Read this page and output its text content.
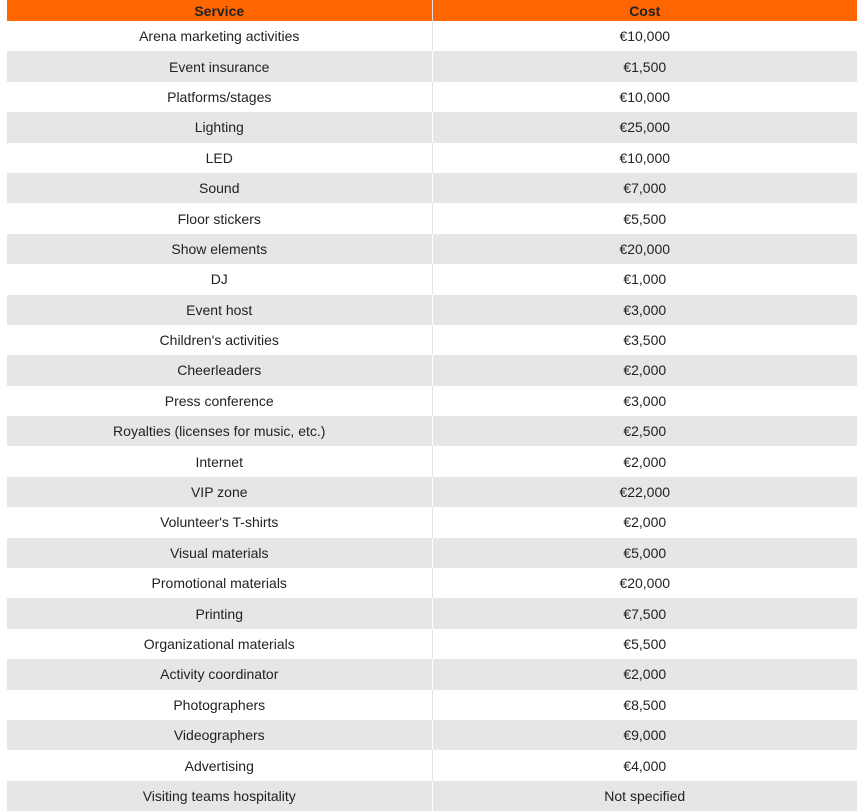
Service	Cost
Arena marketing activities	€10,000
Event insurance	€1,500
Platforms/stages	€10,000
Lighting	€25,000
LED	€10,000
Sound	€7,000
Floor stickers	€5,500
Show elements	€20,000
DJ	€1,000
Event host	€3,000
Children's activities	€3,500
Cheerleaders	€2,000
Press conference	€3,000
Royalties (licenses for music, etc.)	€2,500
Internet	€2,000
VIP zone	€22,000
Volunteer's T-shirts	€2,000
Visual materials	€5,000
Promotional materials	€20,000
Printing	€7,500
Organizational materials	€5,500
Activity coordinator	€2,000
Photographers	€8,500
Videographers	€9,000
Advertising	€4,000
Visiting teams hospitality	Not specified
